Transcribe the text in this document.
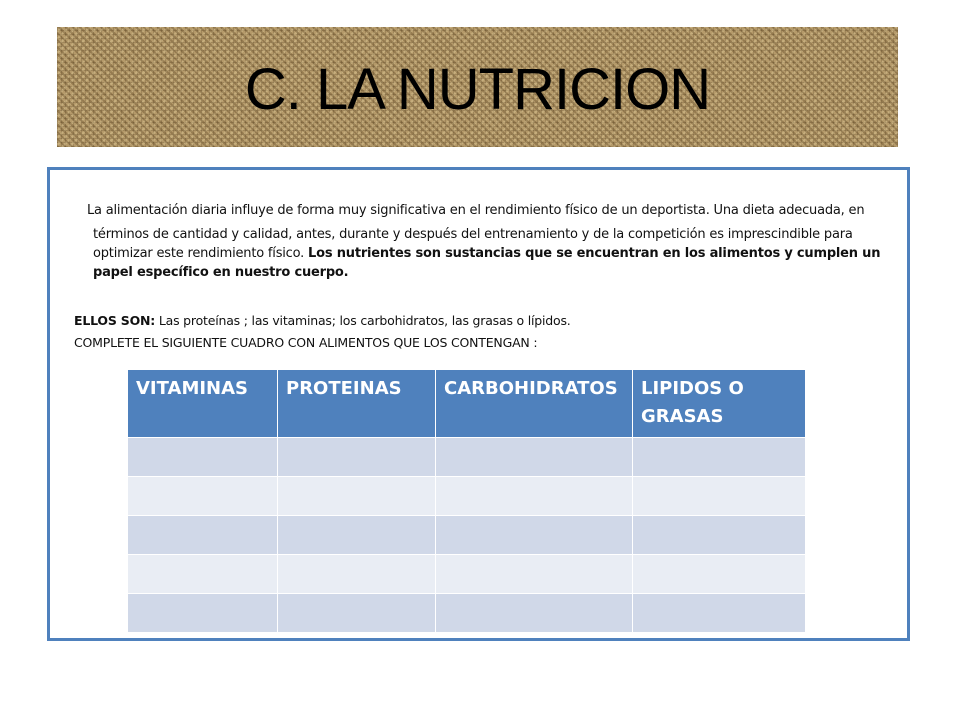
C. LA NUTRICION
La alimentación diaria influye de forma muy significativa en el rendimiento físico de un deportista. Una dieta adecuada, en
términos de cantidad y calidad, antes, durante y después del entrenamiento y de la competición es imprescindible para optimizar este rendimiento físico. Los nutrientes son sustancias que se encuentran en los alimentos y cumplen un papel específico en nuestro cuerpo.
ELLOS SON: Las proteínas ; las vitaminas; los carbohidratos, las grasas o lípidos.
COMPLETE EL SIGUIENTE CUADRO CON ALIMENTOS QUE LOS CONTENGAN :
VITAMINAS	PROTEINAS	CARBOHIDRATOS	LIPIDOS O GRASAS
